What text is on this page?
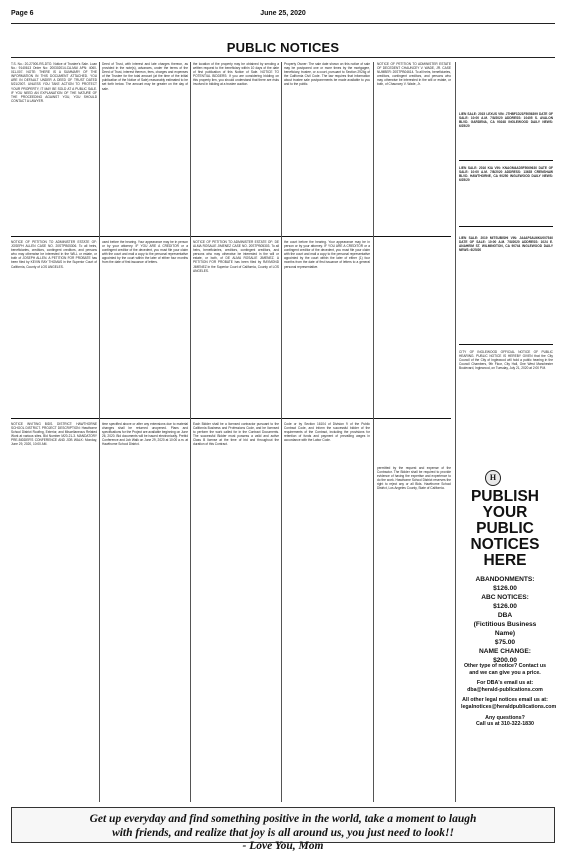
Page 6	June 25, 2020
PUBLIC NOTICES

T.S. No.: 20-27000-RS-DTO. Notice of Trustee's Sale. Loan No.: 9140613 Order No: 200302014-CA-MAI APN: 4060-011-007. NOTE: THERE IS A SUMMARY OF THE INFORMATION IN THIS DOCUMENT ATTACHED. YOU ARE IN DEFAULT UNDER A DEED OF TRUST DATED 5/21/2007. UNLESS YOU TAKE ACTION TO PROTECT YOUR PROPERTY, IT MAY BE SOLD AT A PUBLIC SALE. IF YOU NEED AN EXPLANATION OF THE NATURE OF THE PROCEEDING AGAINST YOU, YOU SHOULD CONTACT A LAWYER.

Deed of Trust, with interest and late charges thereon, as provided in the note(s), advances, under the terms of the Deed of Trust, interest thereon, fees, charges and expenses of the Trustee for the total amount (at the time of the initial publication of the Notice of Sale) reasonably estimated to be set forth below. The amount may be greater on the day of sale.

the location of the property may be obtained by sending a written request to the beneficiary within 10 days of the date of first publication of this Notice of Sale. NOTICE TO POTENTIAL BIDDERS: If you are considering bidding on this property lien, you should understand that there are risks involved in bidding at a trustee auction.

Property Owner: The sale date shown on this notice of sale may be postponed one or more times by the mortgagee, beneficiary, trustee, or a court, pursuant to Section 2924g of the California Civil Code. The law requires that information about trustee sale postponements be made available to you and to the public.

NOTICE OF PETITION TO ADMINISTER ESTATE OF DECEDENT CHAUNCEY V. WADE, JR. CASE NUMBER: 20STPB04614. To all heirs, beneficiaries, creditors, contingent creditors, and persons who may otherwise be interested in the will or estate, or both, of Chauncey V. Wade, Jr.

LIEN SALE: 2015 LEXUS VIN: JTHBF1D21F5056399 DATE OF SALE: 10:00 A.M. 7/8/2020 ADDRESS: 10405 S. AVALON BLVD. GARDENA, CA 90248 INGLEWOOD DAILY NEWS: 6/25/20

LIEN SALE: 2016 KIA VIN: KNAGM4AD5F5069630 DATE OF SALE: 10:00 A.M. 7/8/2020 ADDRESS: 13635 CRENSHAW BLVD. HAWTHORNE, CA 90250 INGLEWOOD DAILY NEWS: 6/25/20

LIEN SALE: 2019 MITSUBISHI VIN: JA4AP3AU6KU007540 DATE OF SALE: 10:00 A.M. 7/8/2020 ADDRESS: 1024 E. ANAHEIM ST. WILMINGTON, CA 90744 INGLEWOOD DAILY NEWS: 6/25/20

CITY OF INGLEWOOD OFFICIAL NOTICE OF PUBLIC HEARING. PUBLIC NOTICE IS HEREBY GIVEN that the City Council of the City of Inglewood will hold a public hearing in the Council Chambers, 9th Floor, City Hall, One West Manchester Boulevard, Inglewood, on Tuesday, July 21, 2020 at 2:00 P.M.

NOTICE OF PETITION TO ADMINISTER ESTATE OF: JOSEPH ALLEN CASE NO. 20STPB05306. To all heirs, beneficiaries, creditors, contingent creditors, and persons who may otherwise be interested in the WILL or estate, or both of JOSEPH ALLEN. A PETITION FOR PROBATE has been filed by KEVIN RAY THOMAS in the Superior Court of California, County of LOS ANGELES.

used before the hearing. Your appearance may be in person or by your attorney. IF YOU ARE A CREDITOR or a contingent creditor of the decedent, you must file your claim with the court and mail a copy to the personal representative appointed by the court within the later of either four months from the date of first issuance of letters.

NOTICE OF PETITION TO ADMINISTER ESTATE OF: DE ALMA ROSALIE JIMENEZ CASE NO. 20STPB05303. To all heirs, beneficiaries, creditors, contingent creditors, and persons who may otherwise be interested in the will or estate, or both, of DE ALMA ROSALIE JIMENEZ. A PETITION FOR PROBATE has been filed by RAYMOND JIMENEZ in the Superior Court of California, County of LOS ANGELES.

the court before the hearing. Your appearance may be in person or by your attorney. IF YOU ARE A CREDITOR or a contingent creditor of the decedent, you must file your claim with the court and mail a copy to the personal representative appointed by the court within the later of either (1) four months from the date of first issuance of letters to a general personal representative.

NOTICE INVITING BIDS. DISTRICT: HAWTHORNE SCHOOL DISTRICT. PROJECT DESCRIPTION: Hawthorne School District Roofing, Exterior, and Miscellaneous Related Work at various sites. Bid Number M20-21-3. MANDATORY PRE-BIDDER'S CONFERENCE AND JOB WALK: Monday, June 29, 2020, 10:00 AM.

time specified above or after any extensions due to material changes shall be returned unopened. Plans and specifications for the Project are available beginning on June 26, 2020. Bid documents will be issued electronically. Prebid Conference and Job Walk on June 29, 2020 at 10:00 a.m. at Hawthorne School District.

Each Bidder shall be a licensed contractor pursuant to the California Business and Professions Code, and be licensed to perform the work called for in the Contract Documents. The successful Bidder must possess a valid and active Class B license at the time of bid and throughout the duration of this Contract.

Code or by Section 16104 of Division 9 of the Public Contract Code, and inform the successful bidder of the requirements of the Contract, including the provisions for retention of funds and payment of prevailing wages in accordance with the Labor Code.

permitted by the request and expense of the Contractor. The Bidder shall be required to provide evidence of having the expertise and experience to do the work. Hawthorne School District reserves the right to reject any or all Bids. Hawthorne School District, Los Angeles County, State of California.

H
PUBLISH
YOUR
PUBLIC
NOTICES
HERE
ABANDONMENTS:
$126.00
ABC NOTICES:
$126.00
DBA
(Fictitious Business Name)
$75.00
NAME CHANGE:
$200.00
Other type of notice? Contact us
and we can give you a price.
For DBA's email us at:
dba@herald-publications.com
All other legal notices email us at:
legalnotices@heraldpublications.com
Any questions?
Call us at 310-322-1830
Get up everyday and find something positive in the world, take a moment to laugh with friends, and realize that joy is all around us, you just need to look!!
- Love You, Mom
